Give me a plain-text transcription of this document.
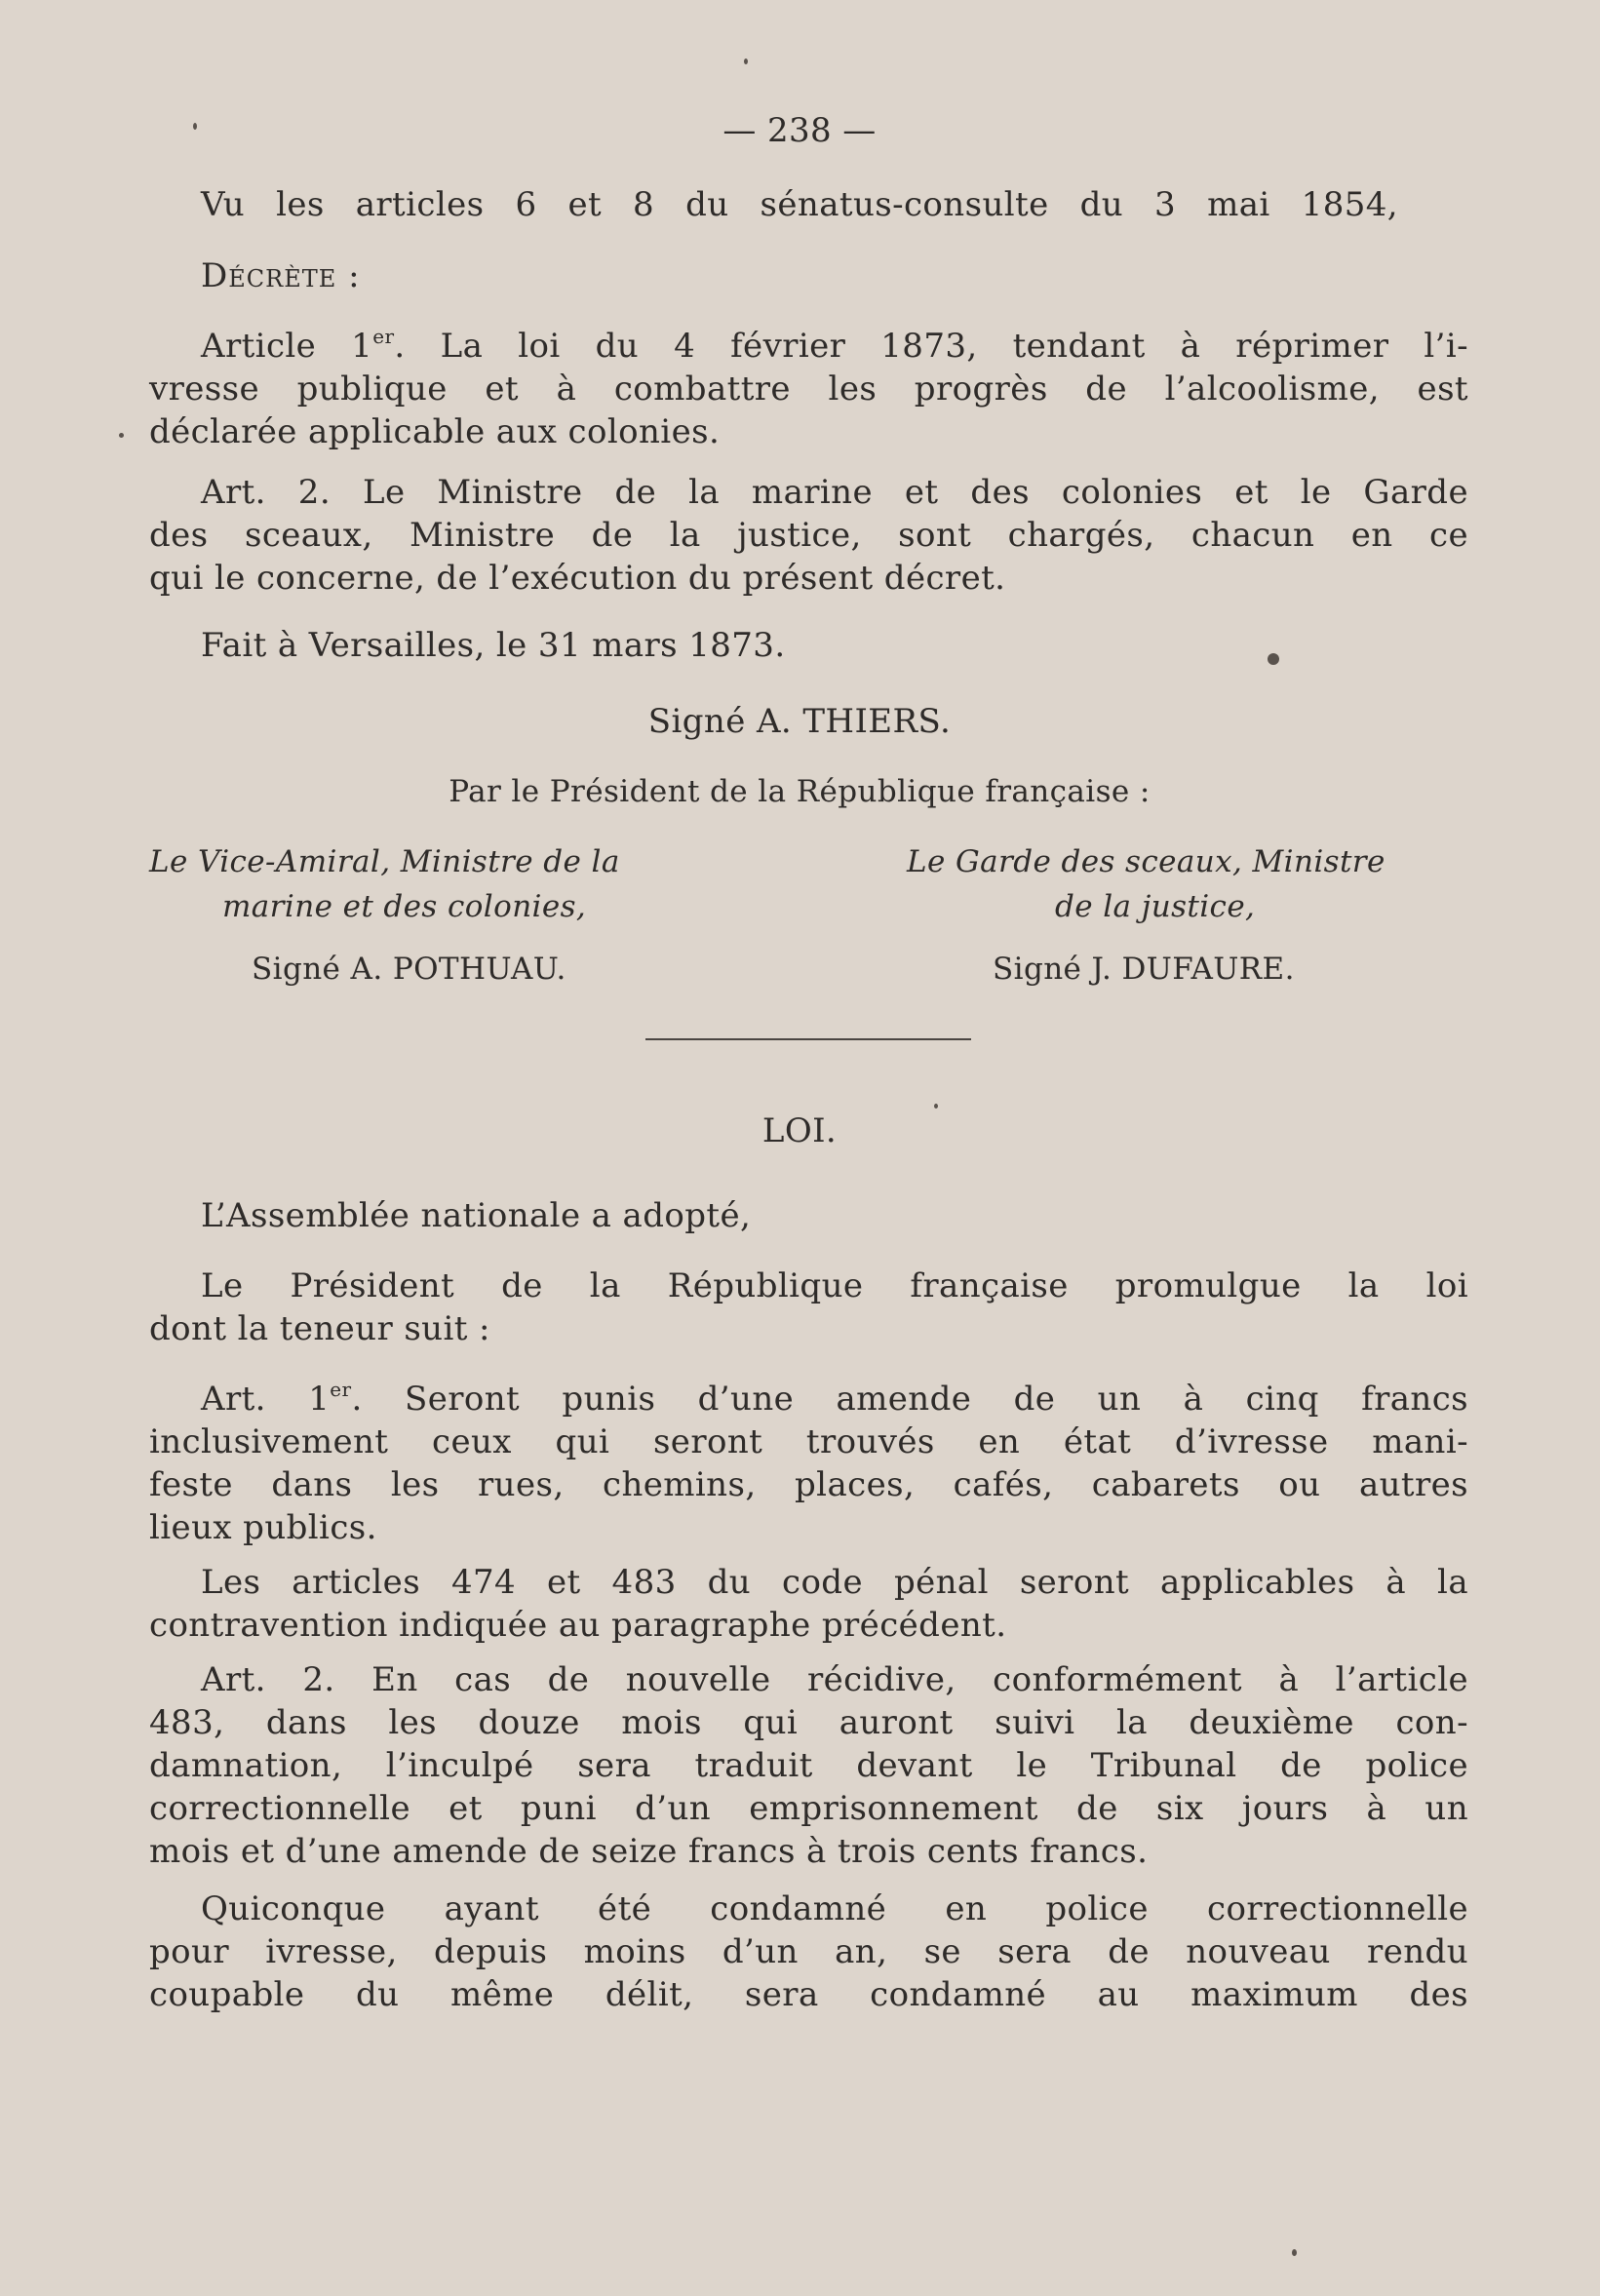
— 238 —
Vu les articles 6 et 8 du sénatus-consulte du 3 mai 1854,
Décrète :
Article 1er. La loi du 4 février 1873, tendant à réprimer l’i-
vresse publique et à combattre les progrès de l’alcoolisme, est
déclarée applicable aux colonies.
Art. 2. Le Ministre de la marine et des colonies et le Garde
des sceaux, Ministre de la justice, sont chargés, chacun en ce
qui le concerne, de l’exécution du présent décret.
Fait à Versailles, le 31 mars 1873.
Signé A. THIERS.
Par le Président de la République française :
Le Vice-Amiral, Ministre de la
marine et des colonies,
Signé A. POTHUAU.
Le Garde des sceaux, Ministre
de la justice,
Signé J. DUFAURE.
LOI.
L’Assemblée nationale a adopté,
Le Président de la République française promulgue la loi
dont la teneur suit :
Art. 1er. Seront punis d’une amende de un à cinq francs
inclusivement ceux qui seront trouvés en état d’ivresse mani-
feste dans les rues, chemins, places, cafés, cabarets ou autres
lieux publics.
Les articles 474 et 483 du code pénal seront applicables à la
contravention indiquée au paragraphe précédent.
Art. 2. En cas de nouvelle récidive, conformément à l’article
483, dans les douze mois qui auront suivi la deuxième con-
damnation, l’inculpé sera traduit devant le Tribunal de police
correctionnelle et puni d’un emprisonnement de six jours à un
mois et d’une amende de seize francs à trois cents francs.
Quiconque ayant été condamné en police correctionnelle
pour ivresse, depuis moins d’un an, se sera de nouveau rendu
coupable du même délit, sera condamné au maximum des
